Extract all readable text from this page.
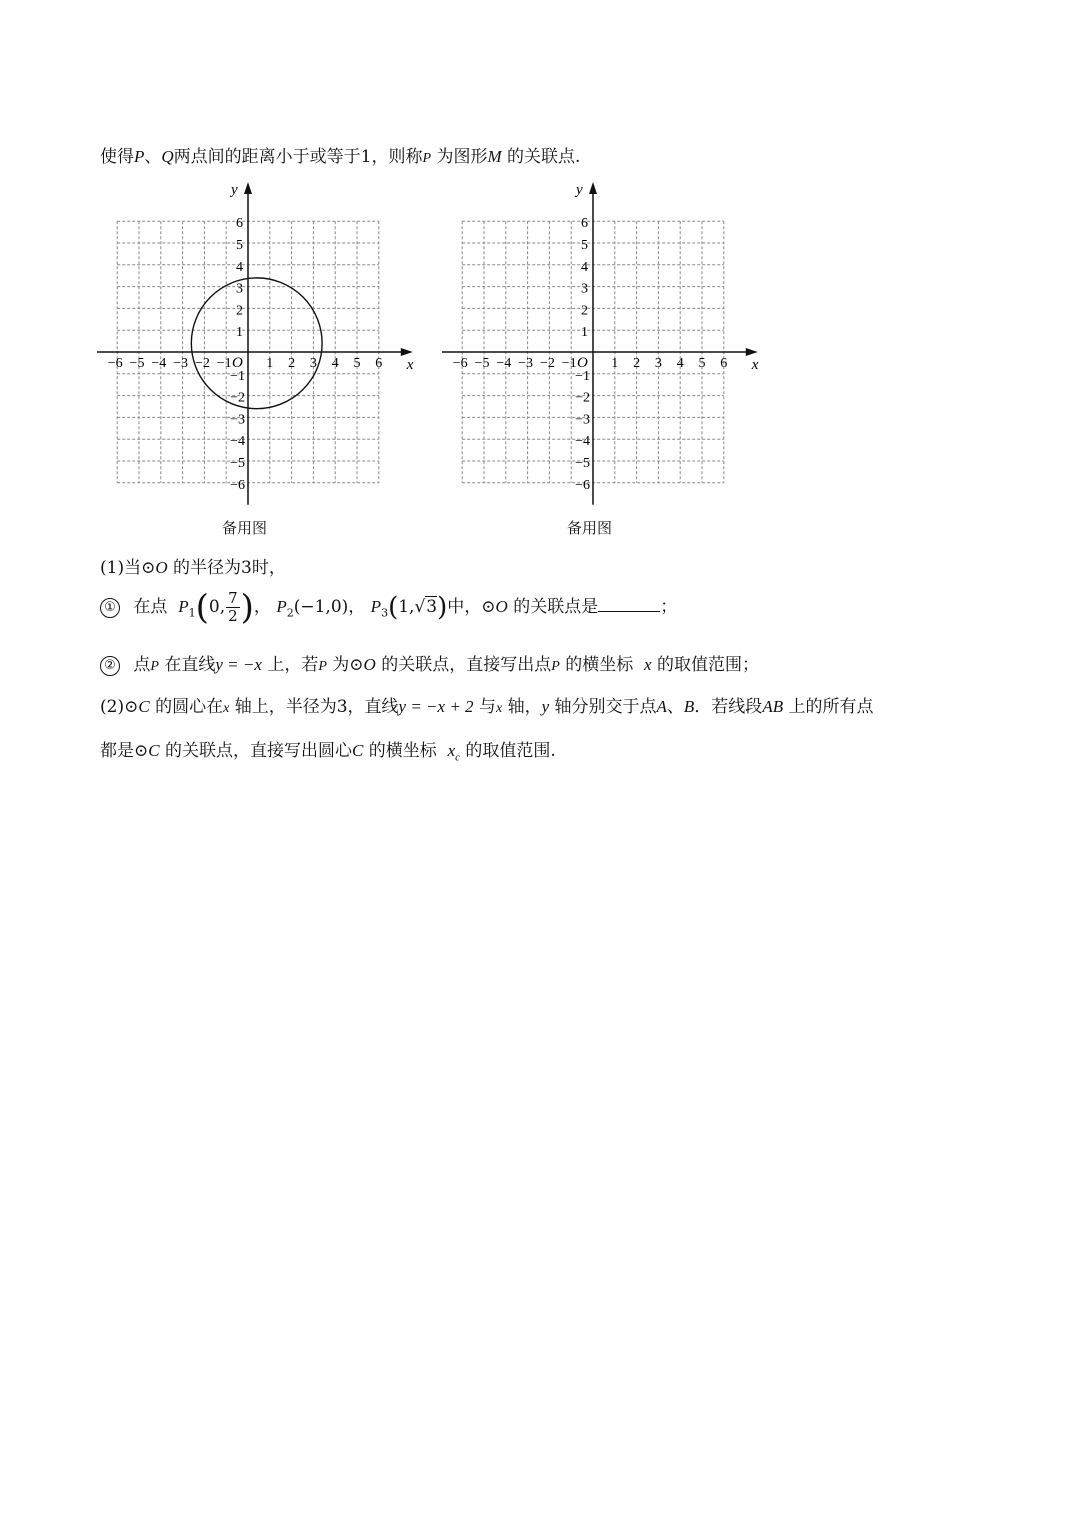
使得P、Q两点间的距离小于或等于1，则称P 为图形M 的关联点.
x
y
O
−6 −5 −4 −3 −2 −1 1 2 3 4 5 6
6
5
4
3
2
1
−1
−2
−3
−4
−5
−6
备用图
x
y
O
−6 −5 −4 −3 −2 −1 1 2 3 4 5 6
6
5
4
3
2
1
−1
−2
−3
−4
−5
−6
备用图
(1)当⊙O 的半径为3时，
① 在点 $P_1(0$, $\frac{7}{2}$ )， $P_2(-1,0)$， $P_3(1,√3)$中，⊙O 的关联点是	；
② 点P 在直线y = −x 上，若P 为⊙O 的关联点，直接写出点P 的横坐标 x 的取值范围；
(2)⊙C 的圆心在x 轴上，半径为3，直线y = −x + 2 与x 轴，y 轴分别交于点A、B．若线段AB 上的所有点
都是⊙C 的关联点，直接写出圆心C 的横坐标 $x_c$ 的取值范围.
